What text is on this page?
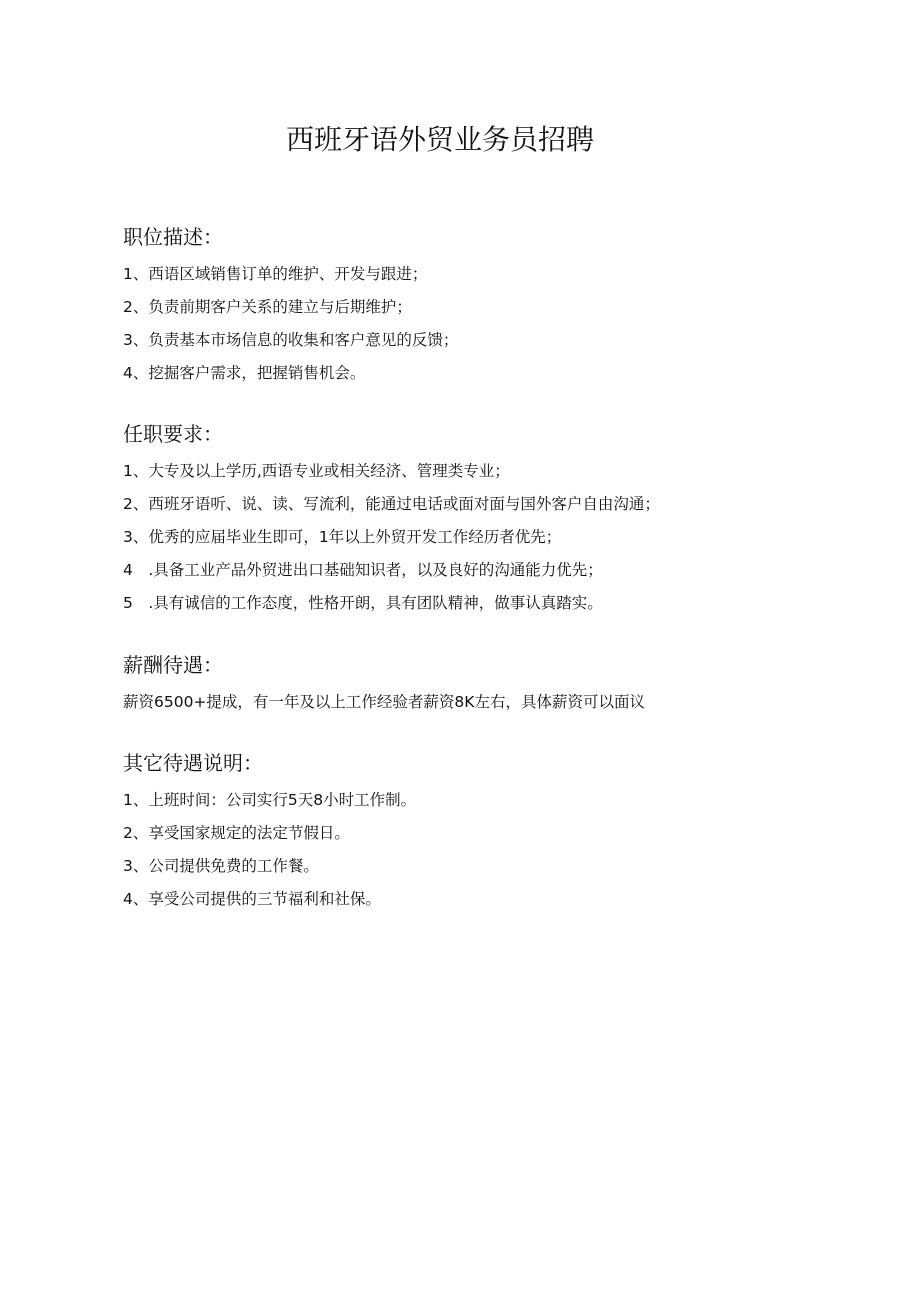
西班牙语外贸业务员招聘
职位描述：
1、西语区域销售订单的维护、开发与跟进；
2、负责前期客户关系的建立与后期维护；
3、负责基本市场信息的收集和客户意见的反馈；
4、挖掘客户需求，把握销售机会。
任职要求：
1、大专及以上学历,西语专业或相关经济、管理类专业；
2、西班牙语听、说、读、写流利，能通过电话或面对面与国外客户自由沟通；
3、优秀的应届毕业生即可，1年以上外贸开发工作经历者优先；
4　.具备工业产品外贸进出口基础知识者，以及良好的沟通能力优先；
5　.具有诚信的工作态度，性格开朗，具有团队精神，做事认真踏实。
薪酬待遇：
薪资6500+提成，有一年及以上工作经验者薪资8K左右，具体薪资可以面议
其它待遇说明：
1、上班时间：公司实行5天8小时工作制。
2、享受国家规定的法定节假日。
3、公司提供免费的工作餐。
4、享受公司提供的三节福利和社保。
